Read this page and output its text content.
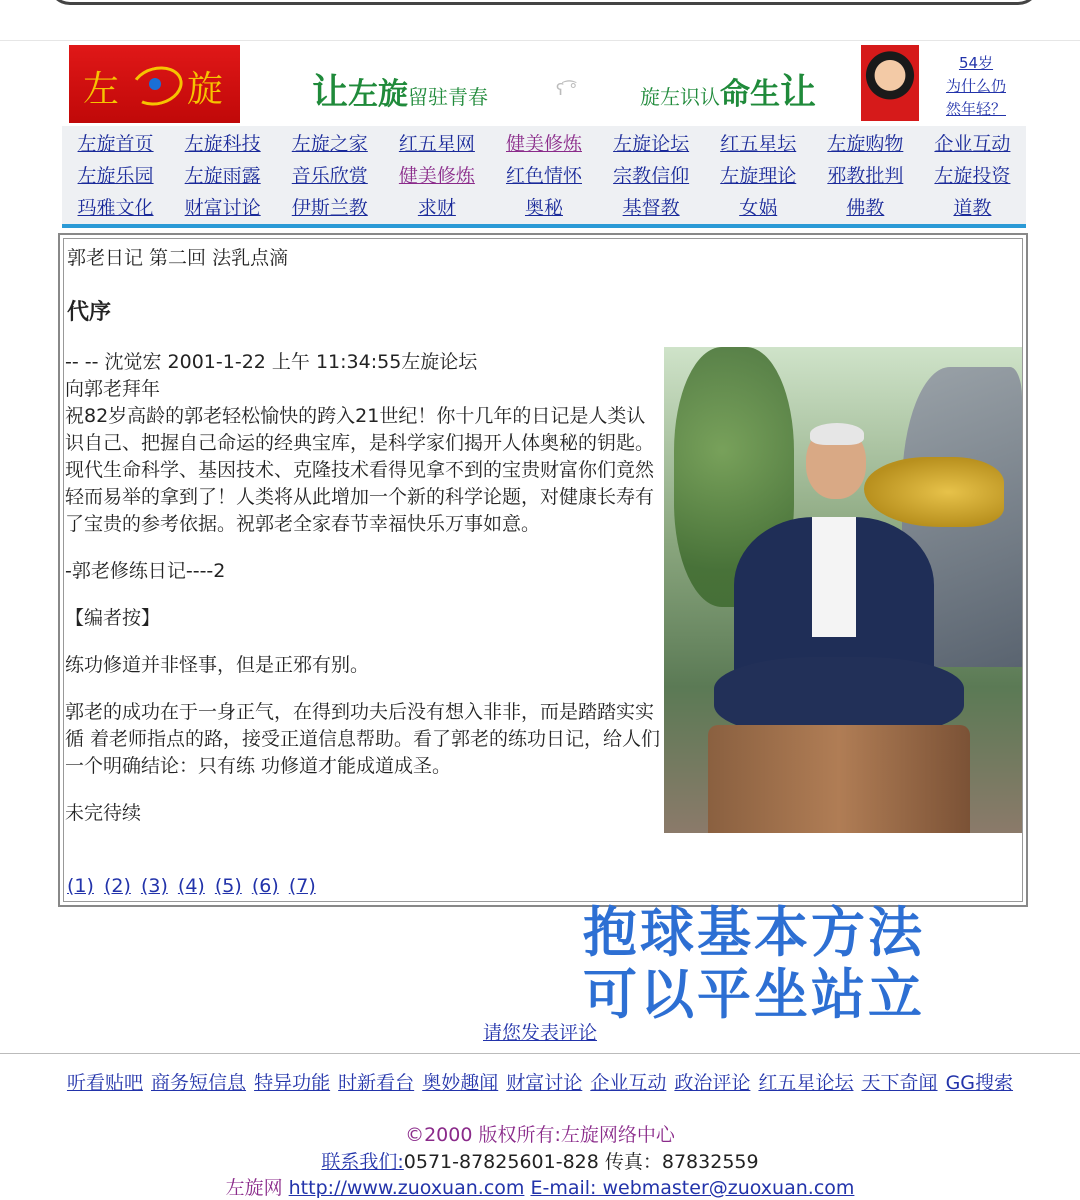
左 旋 让左旋留驻青春	ʕ ͡°	旋左识认命生让
54岁
为什么仍
然年轻？
左旋首页	左旋科技	左旋之家	红五星网	健美修炼	左旋论坛	红五星坛	左旋购物	企业互动
左旋乐园	左旋雨露	音乐欣赏	健美修炼	红色情怀	宗教信仰	左旋理论	邪教批判	左旋投资
玛雅文化	财富讨论	伊斯兰教	求财	奥秘	基督教	女娲	佛教	道教
郭老日记 第二回 法乳点滴
代序

-- -- 沈觉宏 2001-1-22 上午 11:34:55左旋论坛

向郭老拜年

祝82岁高龄的郭老轻松愉快的跨入21世纪！你十几年的日记是人类认识自己、把握自己命运的经典宝库，是科学家们揭开人体奥秘的钥匙。现代生命科学、基因技术、克隆技术看得见拿不到的宝贵财富你们竟然轻而易举的拿到了！人类将从此增加一个新的科学论题，对健康长寿有了宝贵的参考依据。祝郭老全家春节幸福快乐万事如意。

-郭老修练日记----2

【编者按】

练功修道并非怪事，但是正邪有别。

郭老的成功在于一身正气，在得到功夫后没有想入非非，而是踏踏实实循 着老师指点的路，接受正道信息帮助。看了郭老的练功日记，给人们一个明确结论：只有练 功修道才能成道成圣。

未完待续

(1) (2) (3) (4) (5) (6) (7)
抱球基本方法
可以平坐站立
请您发表评论
听看贴吧 商务短信息 特异功能 时新看台 奥妙趣闻 财富讨论 企业互动 政治评论 红五星论坛 天下奇闻 GG搜索
©2000 版权所有:左旋网络中心
联系我们:0571-87825601-828 传真：87832559
左旋网 http://www.zuoxuan.com E-mail: webmaster@zuoxuan.com
